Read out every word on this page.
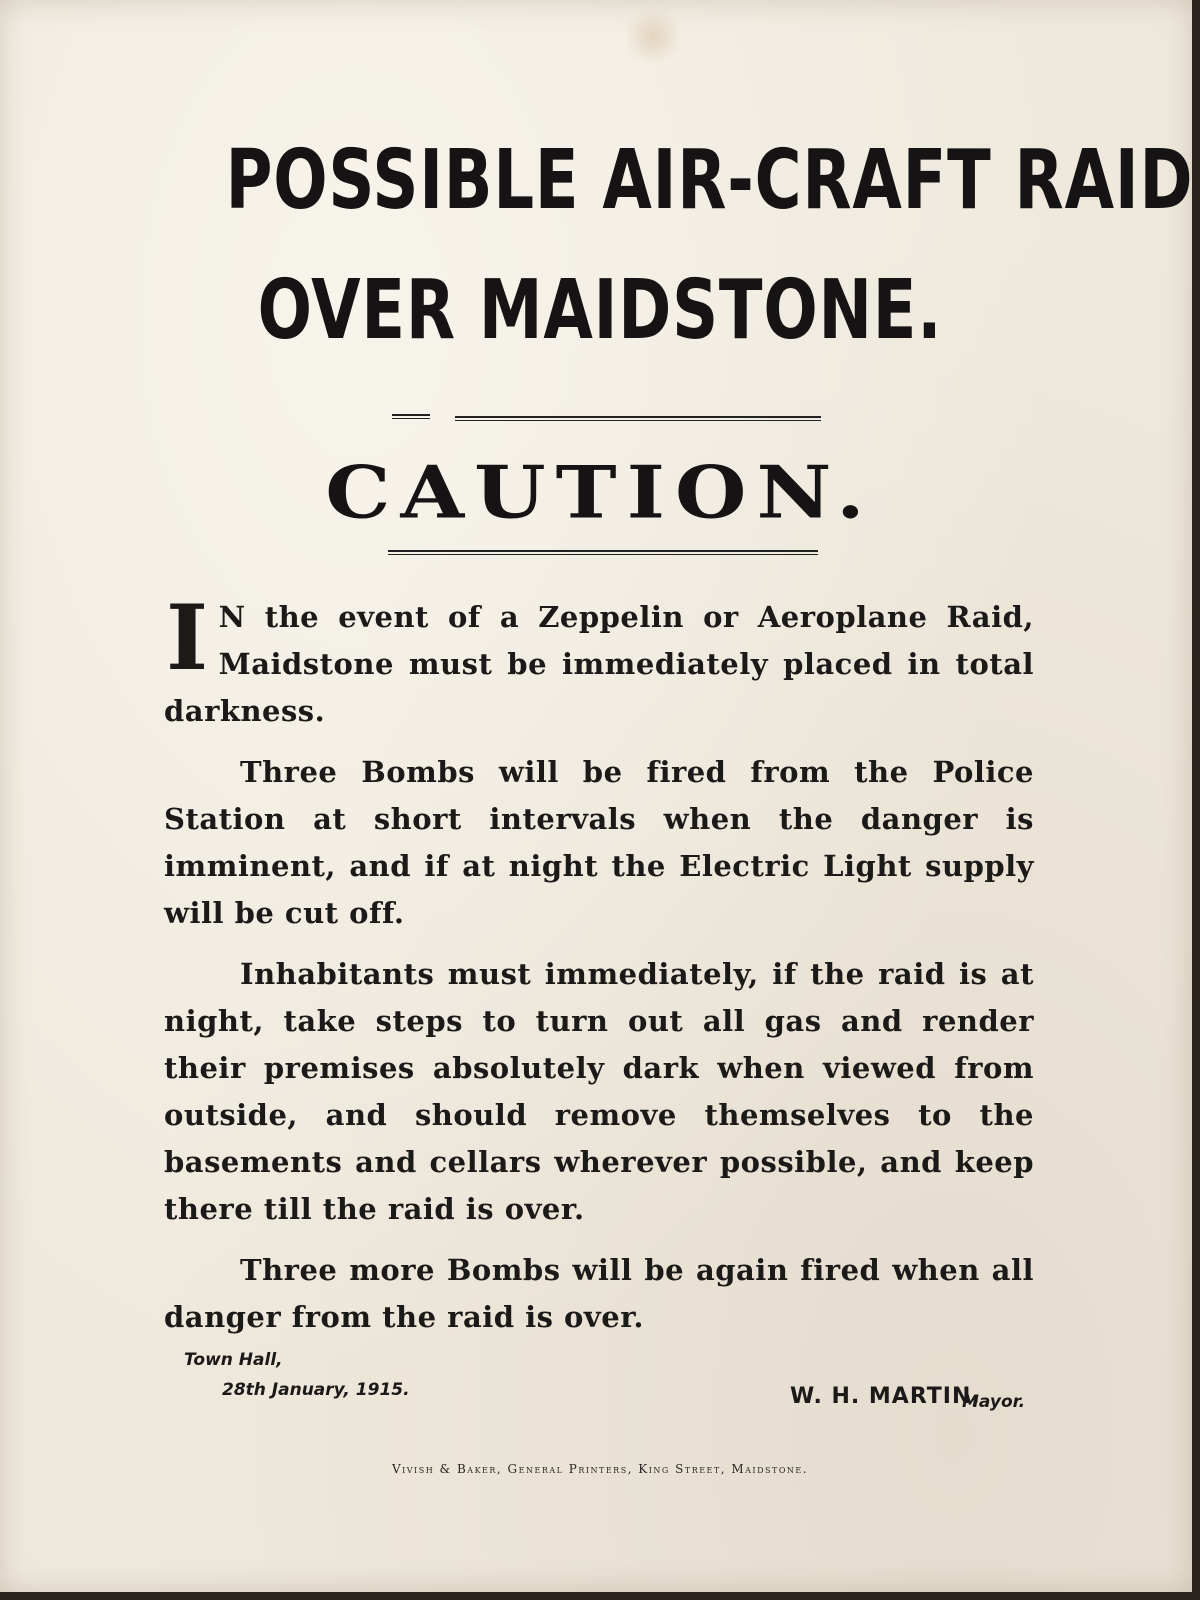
POSSIBLE AIR-CRAFT RAID
OVER MAIDSTONE.
CAUTION.

I N the event of a Zeppelin or Aeroplane Raid, Maidstone must be immediately placed in total darkness.

Three Bombs will be fired from the Police Station at short intervals when the danger is imminent, and if at night the Electric Light supply will be cut off.

Inhabitants must immediately, if the raid is at night, take steps to turn out all gas and render their premises absolutely dark when viewed from outside, and should remove themselves to the basements and cellars wherever possible, and keep there till the raid is over.

Three more Bombs will be again fired when all danger from the raid is over.

Town Hall,
28th January, 1915.	W. H. MARTIN,
Mayor.
Vivish & Baker, General Printers, King Street, Maidstone.
